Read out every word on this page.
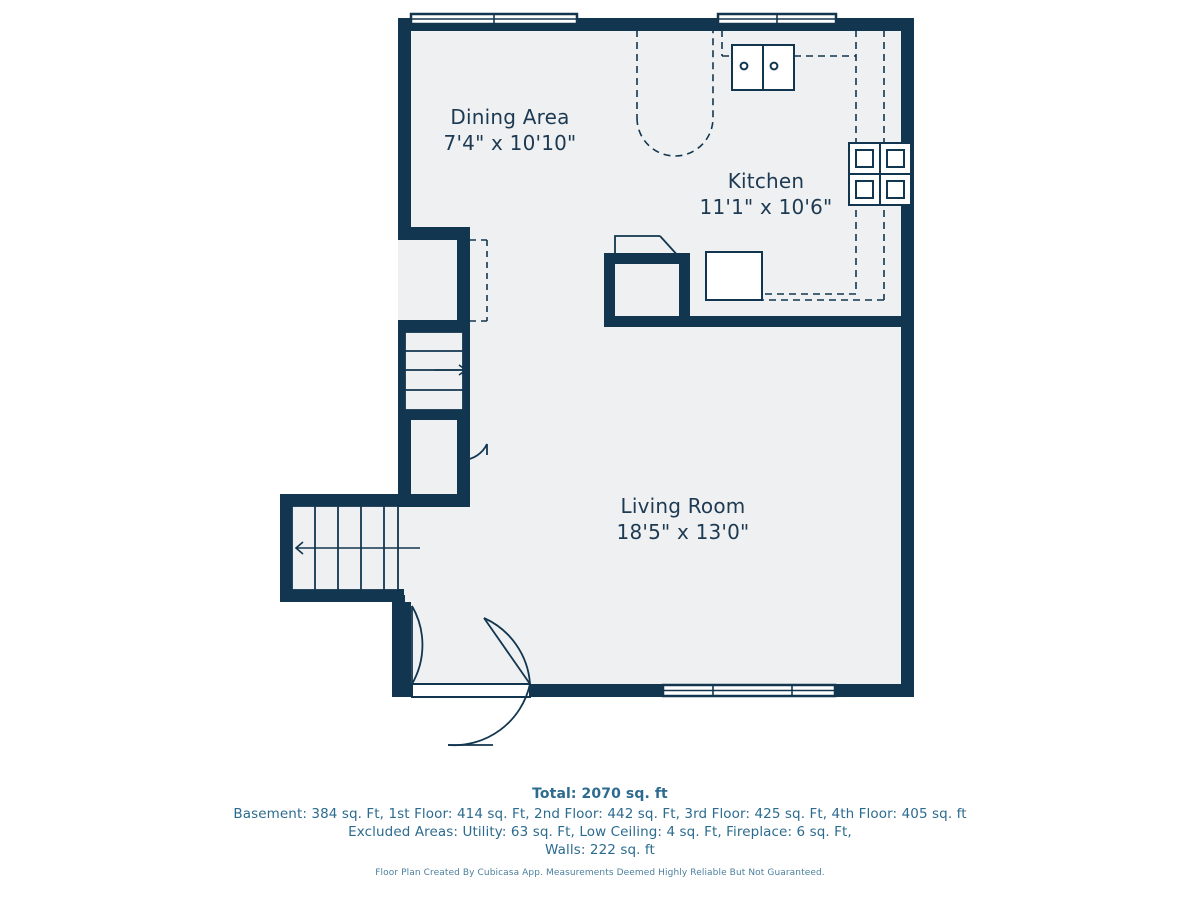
Dining Area
7'4" x 10'10"
Kitchen
11'1" x 10'6"
Living Room
18'5" x 13'0"
Total: 2070 sq. ft
Basement: 384 sq. Ft, 1st Floor: 414 sq. Ft, 2nd Floor: 442 sq. Ft, 3rd Floor: 425 sq. Ft, 4th Floor: 405 sq. ft
Excluded Areas: Utility: 63 sq. Ft, Low Ceiling: 4 sq. Ft, Fireplace: 6 sq. Ft,
Walls: 222 sq. ft
Floor Plan Created By Cubicasa App. Measurements Deemed Highly Reliable But Not Guaranteed.
